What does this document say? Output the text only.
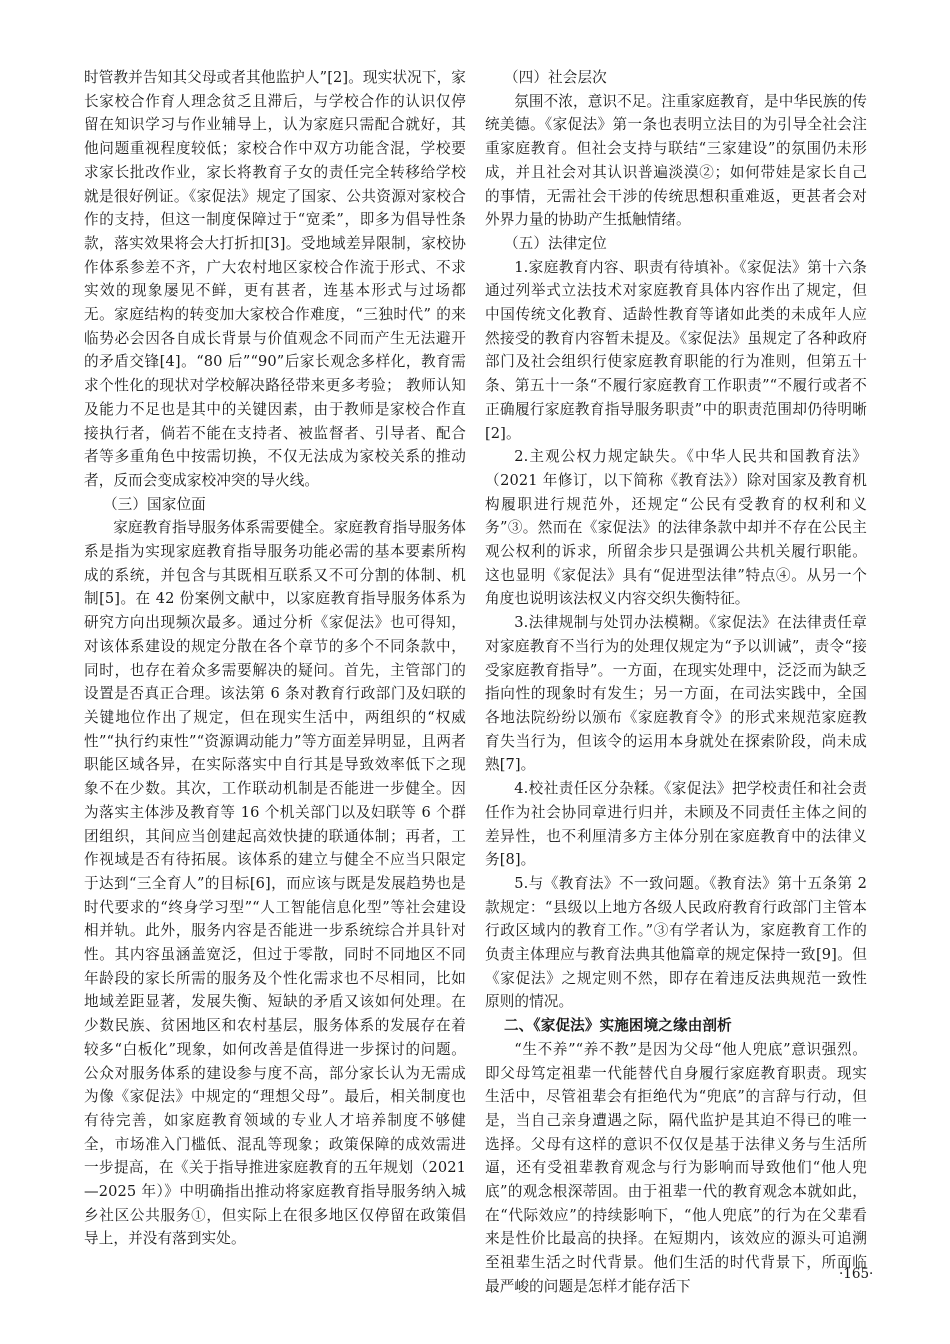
时管教并告知其父母或者其他监护人”[2]。现实状况下，家长家校合作育人理念贫乏且滞后，与学校合作的认识仅停留在知识学习与作业辅导上，认为家庭只需配合就好，其他问题重视程度较低；家校合作中双方功能含混，学校要求家长批改作业，家长将教育子女的责任完全转移给学校就是很好例证。《家促法》规定了国家、公共资源对家校合作的支持，但这一制度保障过于“宽柔”，即多为倡导性条款，落实效果将会大打折扣[3]。受地域差异限制，家校协作体系参差不齐，广大农村地区家校合作流于形式、不求实效的现象屡见不鲜，更有甚者，连基本形式与过场都无。家庭结构的转变加大家校合作难度，“三独时代” 的来临势必会因各自成长背景与价值观念不同而产生无法避开的矛盾交锋[4]。“80 后”“90”后家长观念多样化，教育需求个性化的现状对学校解决路径带来更多考验； 教师认知及能力不足也是其中的关键因素，由于教师是家校合作直接执行者，倘若不能在支持者、被监督者、引导者、配合者等多重角色中按需切换，不仅无法成为家校关系的推动者，反而会变成家校冲突的导火线。

（三）国家位面

家庭教育指导服务体系需要健全。家庭教育指导服务体系是指为实现家庭教育指导服务功能必需的基本要素所构成的系统，并包含与其既相互联系又不可分割的体制、机制[5]。在 42 份案例文献中，以家庭教育指导服务体系为研究方向出现频次最多。通过分析《家促法》也可得知，对该体系建设的规定分散在各个章节的多个不同条款中，同时，也存在着众多需要解决的疑问。首先，主管部门的设置是否真正合理。该法第 6 条对教育行政部门及妇联的关键地位作出了规定，但在现实生活中，两组织的“权威性”“执行约束性”“资源调动能力”等方面差异明显，且两者职能区域各异，在实际落实中自行其是导致效率低下之现象不在少数。其次，工作联动机制是否能进一步健全。因为落实主体涉及教育等 16 个机关部门以及妇联等 6 个群团组织，其间应当创建起高效快捷的联通体制；再者，工作视域是否有待拓展。该体系的建立与健全不应当只限定于达到“三全育人”的目标[6]，而应该与既是发展趋势也是时代要求的“终身学习型”“人工智能信息化型”等社会建设相并轨。此外，服务内容是否能进一步系统综合并具针对性。其内容虽涵盖宽泛，但过于零散，同时不同地区不同年龄段的家长所需的服务及个性化需求也不尽相同，比如地域差距显著，发展失衡、短缺的矛盾又该如何处理。在少数民族、贫困地区和农村基层，服务体系的发展存在着较多“白板化”现象，如何改善是值得进一步探讨的问题。公众对服务体系的建设参与度不高，部分家长认为无需成为像《家促法》中规定的“理想父母”。最后，相关制度也有待完善，如家庭教育领域的专业人才培养制度不够健全，市场准入门槛低、混乱等现象；政策保障的成效需进一步提高，在《关于指导推进家庭教育的五年规划（2021—2025 年）》中明确指出推动将家庭教育指导服务纳入城乡社区公共服务①，但实际上在很多地区仅停留在政策倡导上，并没有落到实处。

（四）社会层次

氛围不浓，意识不足。注重家庭教育，是中华民族的传统美德。《家促法》第一条也表明立法目的为引导全社会注重家庭教育。但社会支持与联结“三家建设”的氛围仍未形成，并且社会对其认识普遍淡漠②；如何带娃是家长自己的事情，无需社会干涉的传统思想积重难返，更甚者会对外界力量的协助产生抵触情绪。

（五）法律定位

1.家庭教育内容、职责有待填补。《家促法》第十六条通过列举式立法技术对家庭教育具体内容作出了规定，但中国传统文化教育、适龄性教育等诸如此类的未成年人应然接受的教育内容暂未提及。《家促法》虽规定了各种政府部门及社会组织行使家庭教育职能的行为准则，但第五十条、第五十一条“不履行家庭教育工作职责”“不履行或者不正确履行家庭教育指导服务职责”中的职责范围却仍待明晰[2]。

2.主观公权力规定缺失。《中华人民共和国教育法》（2021 年修订，以下简称《教育法》）除对国家及教育机构履职进行规范外，还规定“公民有受教育的权利和义务”③。然而在《家促法》的法律条款中却并不存在公民主观公权利的诉求，所留余步只是强调公共机关履行职能。这也显明《家促法》具有“促进型法律”特点④。从另一个角度也说明该法权义内容交织失衡特征。

3.法律规制与处罚办法模糊。《家促法》在法律责任章对家庭教育不当行为的处理仅规定为“予以训诫”，责令“接受家庭教育指导”。一方面，在现实处理中，泛泛而为缺乏指向性的现象时有发生；另一方面，在司法实践中，全国各地法院纷纷以颁布《家庭教育令》的形式来规范家庭教育失当行为，但该令的运用本身就处在探索阶段，尚未成熟[7]。

4.校社责任区分杂糅。《家促法》把学校责任和社会责任作为社会协同章进行归并，未顾及不同责任主体之间的差异性，也不利厘清多方主体分别在家庭教育中的法律义务[8]。

5.与《教育法》不一致问题。《教育法》第十五条第 2 款规定：“县级以上地方各级人民政府教育行政部门主管本行政区域内的教育工作。”③有学者认为，家庭教育工作的负责主体理应与教育法典其他篇章的规定保持一致[9]。但《家促法》之规定则不然，即存在着违反法典规范一致性原则的情况。

二、《家促法》实施困境之缘由剖析

“生不养”“养不教”是因为父母“他人兜底”意识强烈。即父母笃定祖辈一代能替代自身履行家庭教育职责。现实生活中，尽管祖辈会有拒绝代为“兜底”的言辞与行动，但是，当自己亲身遭遇之际，隔代监护是其迫不得已的唯一选择。父母有这样的意识不仅仅是基于法律义务与生活所逼，还有受祖辈教育观念与行为影响而导致他们“他人兜底”的观念根深蒂固。由于祖辈一代的教育观念本就如此，在“代际效应”的持续影响下，“他人兜底”的行为在父辈看来是性价比最高的抉择。在短期内，该效应的源头可追溯至祖辈生活之时代背景。他们生活的时代背景下，所面临最严峻的问题是怎样才能存活下

·165·
